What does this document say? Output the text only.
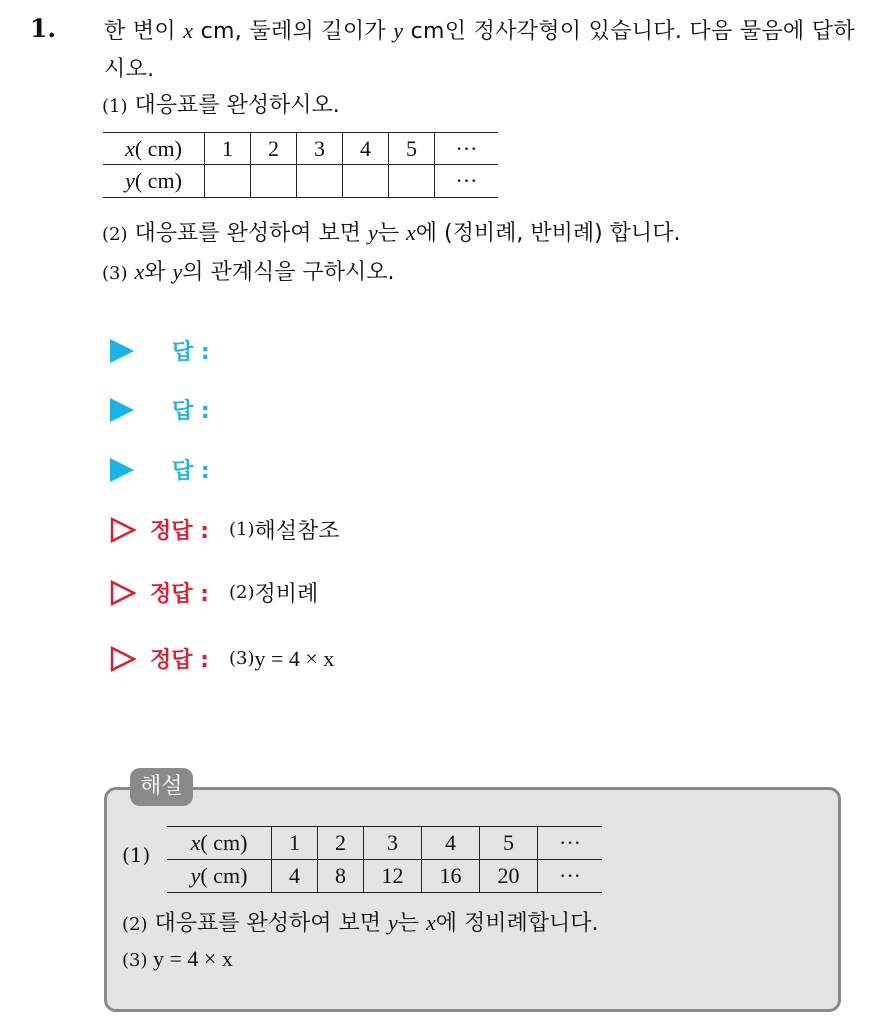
1. 한 변이 x cm, 둘레의 길이가 y cm인 정사각형이 있습니다. 다음 물음에 답하시오.
(1) 대응표를 완성하시오.
x( cm)	1	2	3	4	5	···
y( cm)						···
(2) 대응표를 완성하여 보면 y는 x에 (정비례, 반비례) 합니다.
(3) x와 y의 관계식을 구하시오.
답 :
답 :
답 :
정답 : (1) 해설참조
정답 : (2) 정비례
정답 : (3) y = 4 × x
해설
(1) x( cm)	1	2	3	4	5	···
y( cm)	4	8	12	16	20	···
(2) 대응표를 완성하여 보면 y는 x에 정비례합니다.
(3) y = 4 × x
